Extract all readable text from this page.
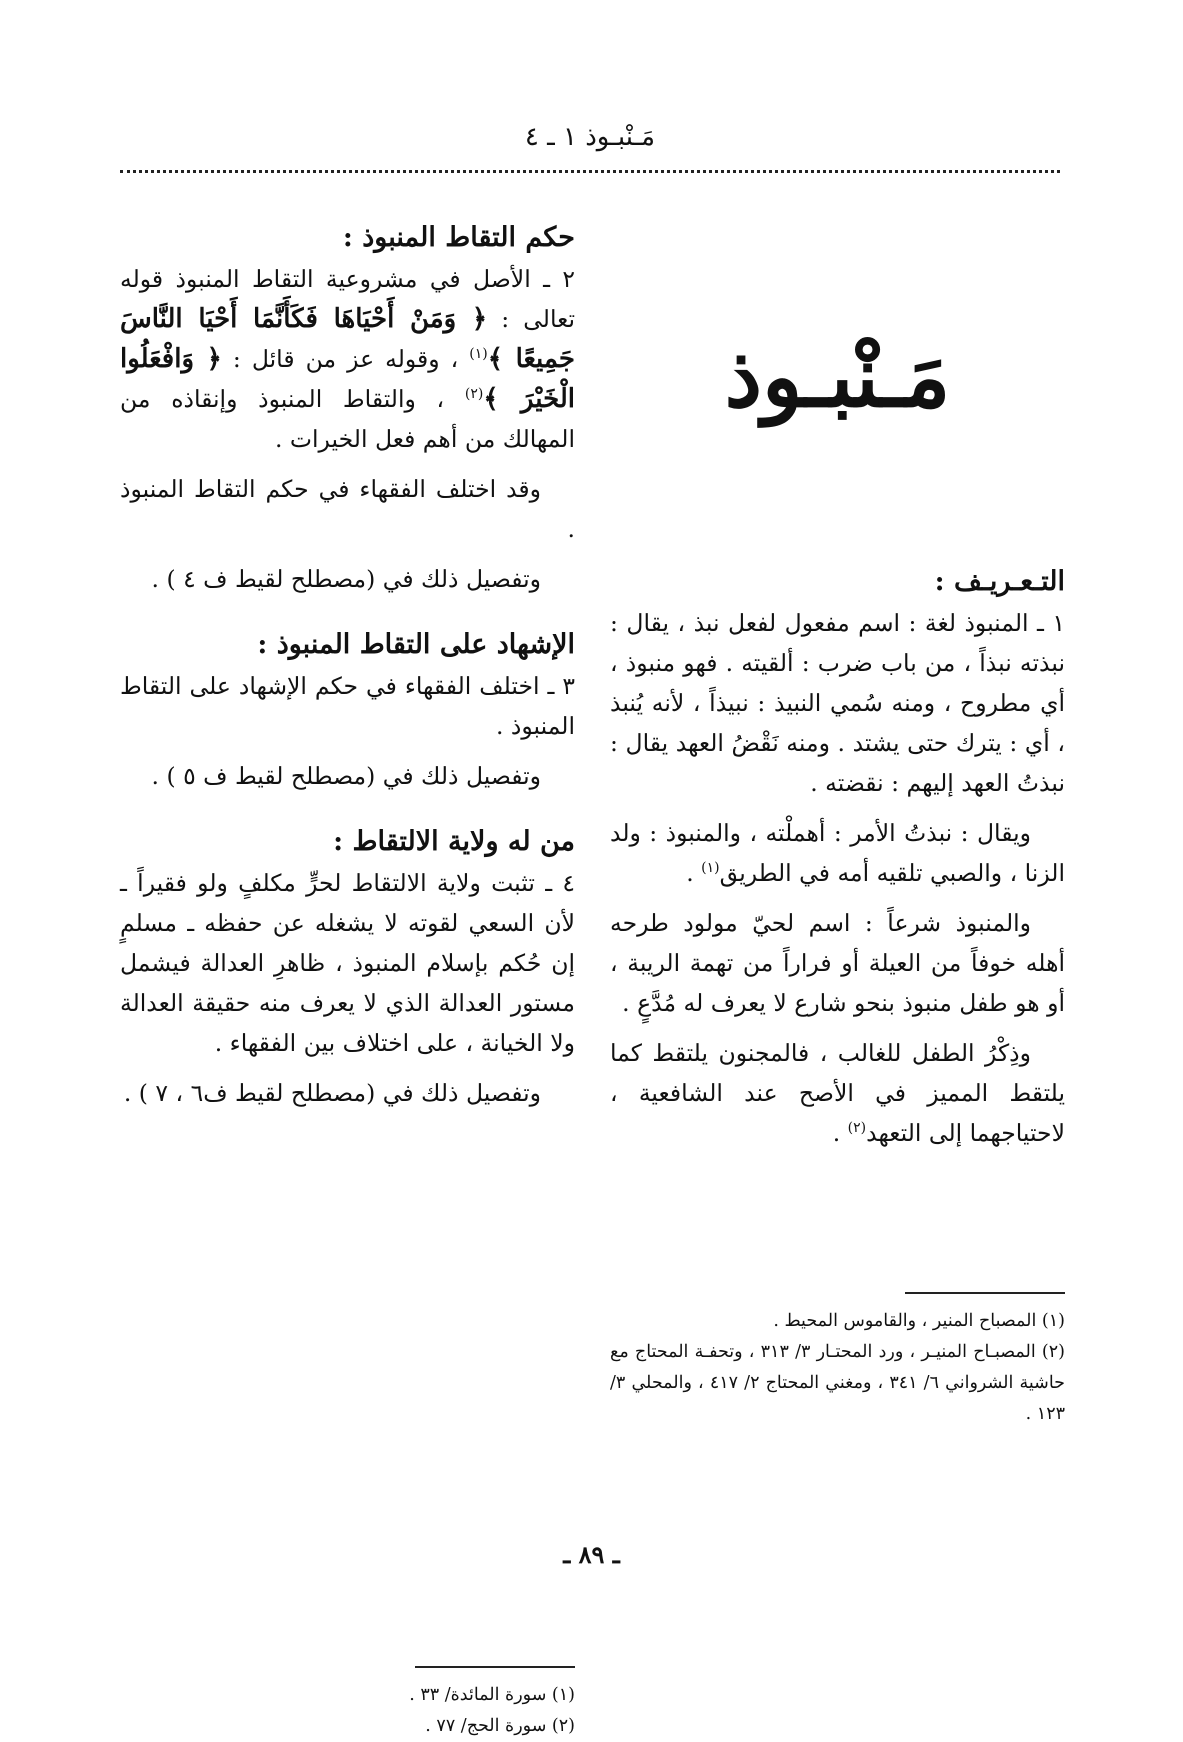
مَـنْبـوذ ١ ـ ٤
مَـنْبـوذ
التـعـريـف :

١ ـ المنبوذ لغة : اسم مفعول لفعل نبذ ، يقال : نبذته نبذاً ، من باب ضرب : ألقيته . فهو منبوذ ، أي مطروح ، ومنه سُمي النبيذ : نبيذاً ، لأنه يُنبذ ، أي : يترك حتى يشتد . ومنه نَقْضُ العهد يقال : نبذتُ العهد إليهم : نقضته .

ويقال : نبذتُ الأمر : أهملْته ، والمنبوذ : ولد الزنا ، والصبي تلقيه أمه في الطريق$^{(١)}$ .

والمنبوذ شرعاً : اسم لحيّ مولود طرحه أهله خوفاً من العيلة أو فراراً من تهمة الريبة ، أو هو طفل منبوذ بنحو شارع لا يعرف له مُدَّعٍ .

وذِكْرُ الطفل للغالب ، فالمجنون يلتقط كما يلتقط المميز في الأصح عند الشافعية ، لاحتياجهما إلى التعهد$^{(٢)}$ .

(١) المصباح المنير ، والقاموس المحيط .

(٢) المصبـاح المنيـر ، ورد المحتـار ٣/ ٣١٣ ، وتحفـة المحتاج مع حاشية الشرواني ٦/ ٣٤١ ، ومغني المحتاج ٢/ ٤١٧ ، والمحلي ٣/ ١٢٣ .

حكم التقاط المنبوذ :

٢ ـ الأصل في مشروعية التقاط المنبوذ قوله تعالى : ﴿ وَمَنْ أَحْيَاهَا فَكَأَنَّمَا أَحْيَا النَّاسَ جَمِيعًا ﴾$^{(١)}$ ، وقوله عز من قائل : ﴿ وَافْعَلُوا الْخَيْرَ ﴾$^{(٢)}$ ، والتقاط المنبوذ وإنقاذه من المهالك من أهم فعل الخيرات .

وقد اختلف الفقهاء في حكم التقاط المنبوذ .

وتفصيل ذلك في (مصطلح لقيط ف ٤ ) .

الإشهاد على التقاط المنبوذ :

٣ ـ اختلف الفقهاء في حكم الإشهاد على التقاط المنبوذ .

وتفصيل ذلك في (مصطلح لقيط ف ٥ ) .

من له ولاية الالتقاط :

٤ ـ تثبت ولاية الالتقاط لحرٍّ مكلفٍ ولو فقيراً ـ لأن السعي لقوته لا يشغله عن حفظه ـ مسلمٍ إن حُكم بإسلام المنبوذ ، ظاهرِ العدالة فيشمل مستور العدالة الذي لا يعرف منه حقيقة العدالة ولا الخيانة ، على اختلاف بين الفقهاء .

وتفصيل ذلك في (مصطلح لقيط ف٦ ، ٧ ) .

(١) سورة المائدة/ ٣٣ .

(٢) سورة الحج/ ٧٧ .

ـ ٨٩ ـ
